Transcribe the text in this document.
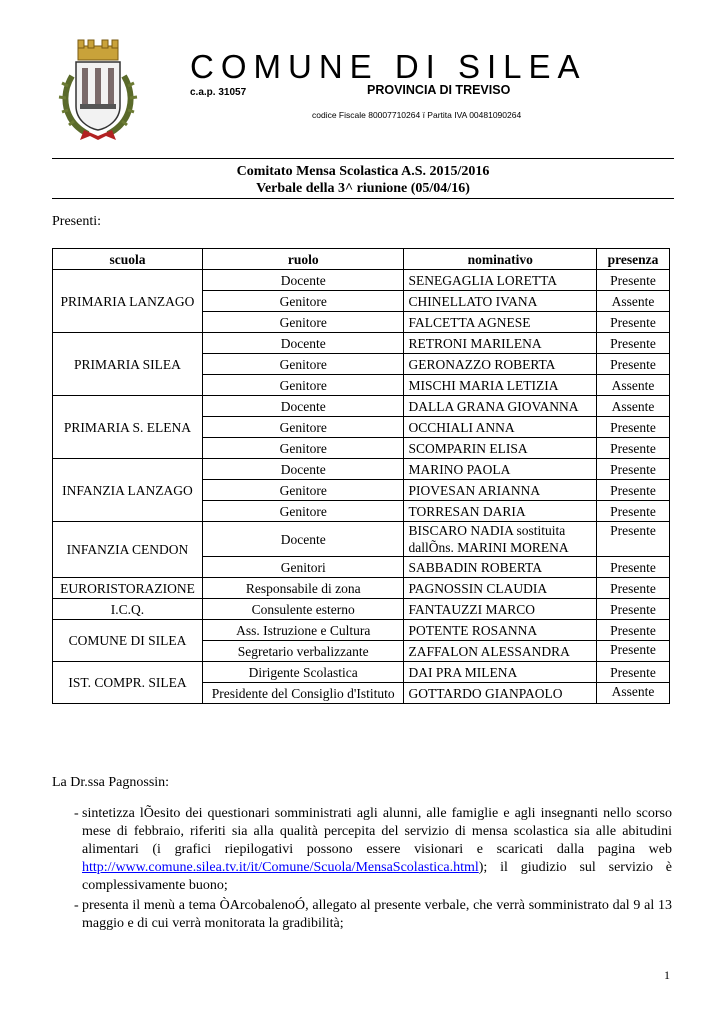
COMUNE DI SILEA
c.a.p. 31057	PROVINCIA DI TREVISO
codice Fiscale 80007710264 ï Partita IVA 00481090264
Comitato Mensa Scolastica A.S. 2015/2016
Verbale della 3^ riunione (05/04/16)
Presenti:
scuola	ruolo	nominativo	presenza
PRIMARIA LANZAGO	Docente	SENEGAGLIA LORETTA	Presente
	Genitore	CHINELLATO IVANA	Assente
	Genitore	FALCETTA AGNESE	Presente
PRIMARIA SILEA	Docente	RETRONI MARILENA	Presente
	Genitore	GERONAZZO ROBERTA	Presente
	Genitore	MISCHI MARIA LETIZIA	Assente
PRIMARIA S. ELENA	Docente	DALLA GRANA GIOVANNA	Assente
	Genitore	OCCHIALI ANNA	Presente
	Genitore	SCOMPARIN ELISA	Presente
INFANZIA LANZAGO	Docente	MARINO PAOLA	Presente
	Genitore	PIOVESAN ARIANNA	Presente
	Genitore	TORRESAN DARIA	Presente
INFANZIA CENDON	Docente	BISCARO NADIA sostituita dallÕns. MARINI MORENA	Presente
	Genitori	SABBADIN ROBERTA	Presente
EURORISTORAZIONE	Responsabile di zona	PAGNOSSIN CLAUDIA	Presente
I.C.Q.	Consulente esterno	FANTAUZZI MARCO	Presente
COMUNE DI SILEA	Ass. Istruzione e Cultura	POTENTE ROSANNA	Presente
	Segretario verbalizzante	ZAFFALON ALESSANDRA	Presente
IST. COMPR. SILEA	Dirigente Scolastica	DAI PRA MILENA	Presente
	Presidente del Consiglio d'Istituto	GOTTARDO GIANPAOLO	Assente
La Dr.ssa Pagnossin:
- sintetizza lÕesito dei questionari somministrati agli alunni, alle famiglie e agli insegnanti nello scorso mese di febbraio, riferiti sia alla qualità percepita del servizio di mensa scolastica sia alle abitudini alimentari (i grafici riepilogativi possono essere visionari e scaricati dalla pagina web http://www.comune.silea.tv.it/it/Comune/Scuola/MensaScolastica.html); il giudizio sul servizio è complessivamente buono;
- presenta il menù a tema ÒArcobalenoÓ, allegato al presente verbale, che verrà somministrato dal 9 al 13 maggio e di cui verrà monitorata la gradibilità;
1
